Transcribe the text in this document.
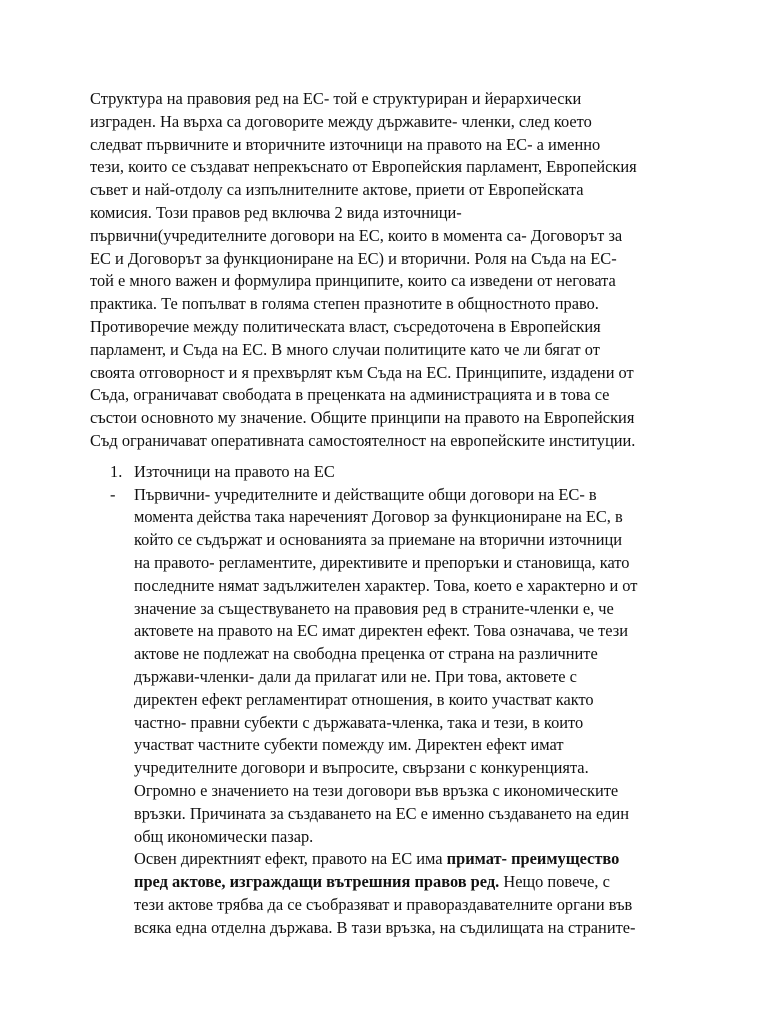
Структура на правовия ред на ЕС- той е структуриран и йерархически
изграден. На върха са договорите между държавите- членки, след което
следват първичните и вторичните източници на правото на ЕС- а именно
тези, които се създават непрекъснато от Европейския парламент, Европейския
съвет и най-отдолу са изпълнителните актове, приети от Европейската
комисия. Този правов ред включва 2 вида източници-
първични(учредителните договори на ЕС, които в момента са- Договорът за
ЕС и Договорът за функциониране на ЕС) и вторични. Роля на Съда на ЕС-
той е много важен и формулира принципите, които са изведени от неговата
практика. Те попълват в голяма степен празнотите в общностното право.
Противоречие между политическата власт, съсредоточена в Европейския
парламент, и Съда на ЕС. В много случаи политиците като че ли бягат от
своята отговорност и я прехвърлят към Съда на ЕС. Принципите, издадени от
Съда, ограничават свободата в преценката на администрацията и в това се
състои основното му значение. Общите принципи на правото на Европейския
Съд ограничават оперативната самостоятелност на европейските институции.
1. Източници на правото на ЕС
- Първични- учредителните и действащите общи договори на ЕС- в
момента действа така нареченият Договор за функциониране на ЕС, в
който се съдържат и основанията за приемане на вторични източници
на правото- регламентите, директивите и препоръки и становища, като
последните нямат задължителен характер. Това, което е характерно и от
значение за съществуването на правовия ред в страните-членки е, че
актовете на правото на ЕС имат директен ефект. Това означава, че тези
актове не подлежат на свободна преценка от страна на различните
държави-членки- дали да прилагат или не. При това, актовете с
директен ефект регламентират отношения, в които участват както
частно- правни субекти с държавата-членка, така и тези, в които
участват частните субекти помежду им. Директен ефект имат
учредителните договори и въпросите, свързани с конкуренцията.
Огромно е значението на тези договори във връзка с икономическите
връзки. Причината за създаването на ЕС е именно създаването на един
общ икономически пазар.
Освен директният ефект, правото на ЕС има примат- преимущество
пред актове, изграждащи вътрешния правов ред. Нещо повече, с
тези актове трябва да се съобразяват и правораздавателните органи във
всяка една отделна държава. В тази връзка, на съдилищата на страните-
